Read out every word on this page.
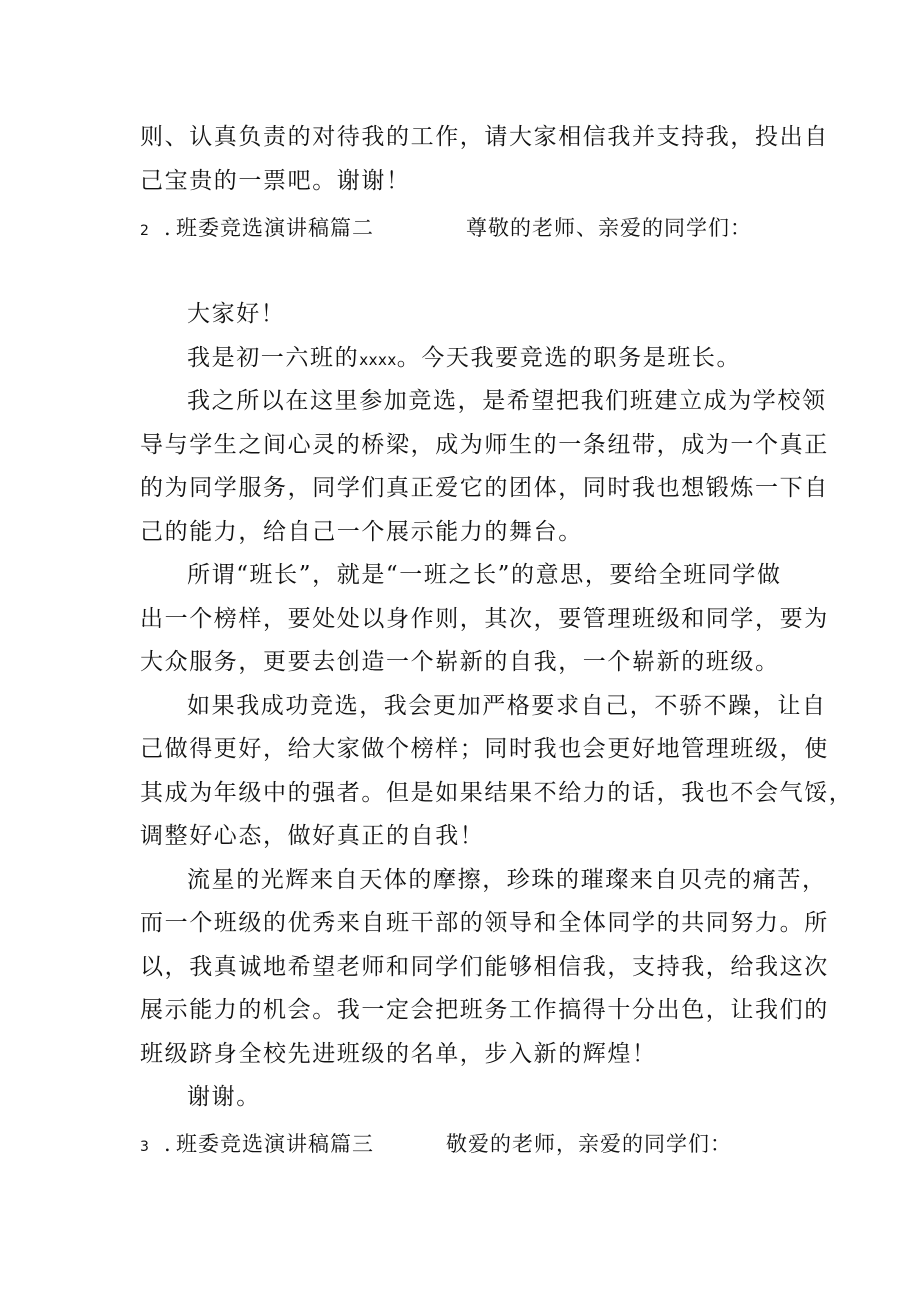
则、认真负责的对待我的工作，请大家相信我并支持我，投出自
己宝贵的一票吧。谢谢！
2 . 班委竞选演讲稿篇二	尊敬的老师、亲爱的同学们：
大家好！
我是初一六班的xxxx。今天我要竞选的职务是班长。
我之所以在这里参加竞选，是希望把我们班建立成为学校领
导与学生之间心灵的桥梁，成为师生的一条纽带，成为一个真正
的为同学服务，同学们真正爱它的团体，同时我也想锻炼一下自
己的能力，给自己一个展示能力的舞台。
所谓“班长”，就是“一班之长”的意思，要给全班同学做
出一个榜样，要处处以身作则，其次，要管理班级和同学，要为
大众服务，更要去创造一个崭新的自我，一个崭新的班级。
如果我成功竞选，我会更加严格要求自己，不骄不躁，让自
己做得更好，给大家做个榜样；同时我也会更好地管理班级，使
其成为年级中的强者。但是如果结果不给力的话，我也不会气馁，
调整好心态，做好真正的自我！
流星的光辉来自天体的摩擦，珍珠的璀璨来自贝壳的痛苦，
而一个班级的优秀来自班干部的领导和全体同学的共同努力。所
以，我真诚地希望老师和同学们能够相信我，支持我，给我这次
展示能力的机会。我一定会把班务工作搞得十分出色，让我们的
班级跻身全校先进班级的名单，步入新的辉煌！
谢谢。
3 . 班委竞选演讲稿篇三	敬爱的老师，亲爱的同学们：
